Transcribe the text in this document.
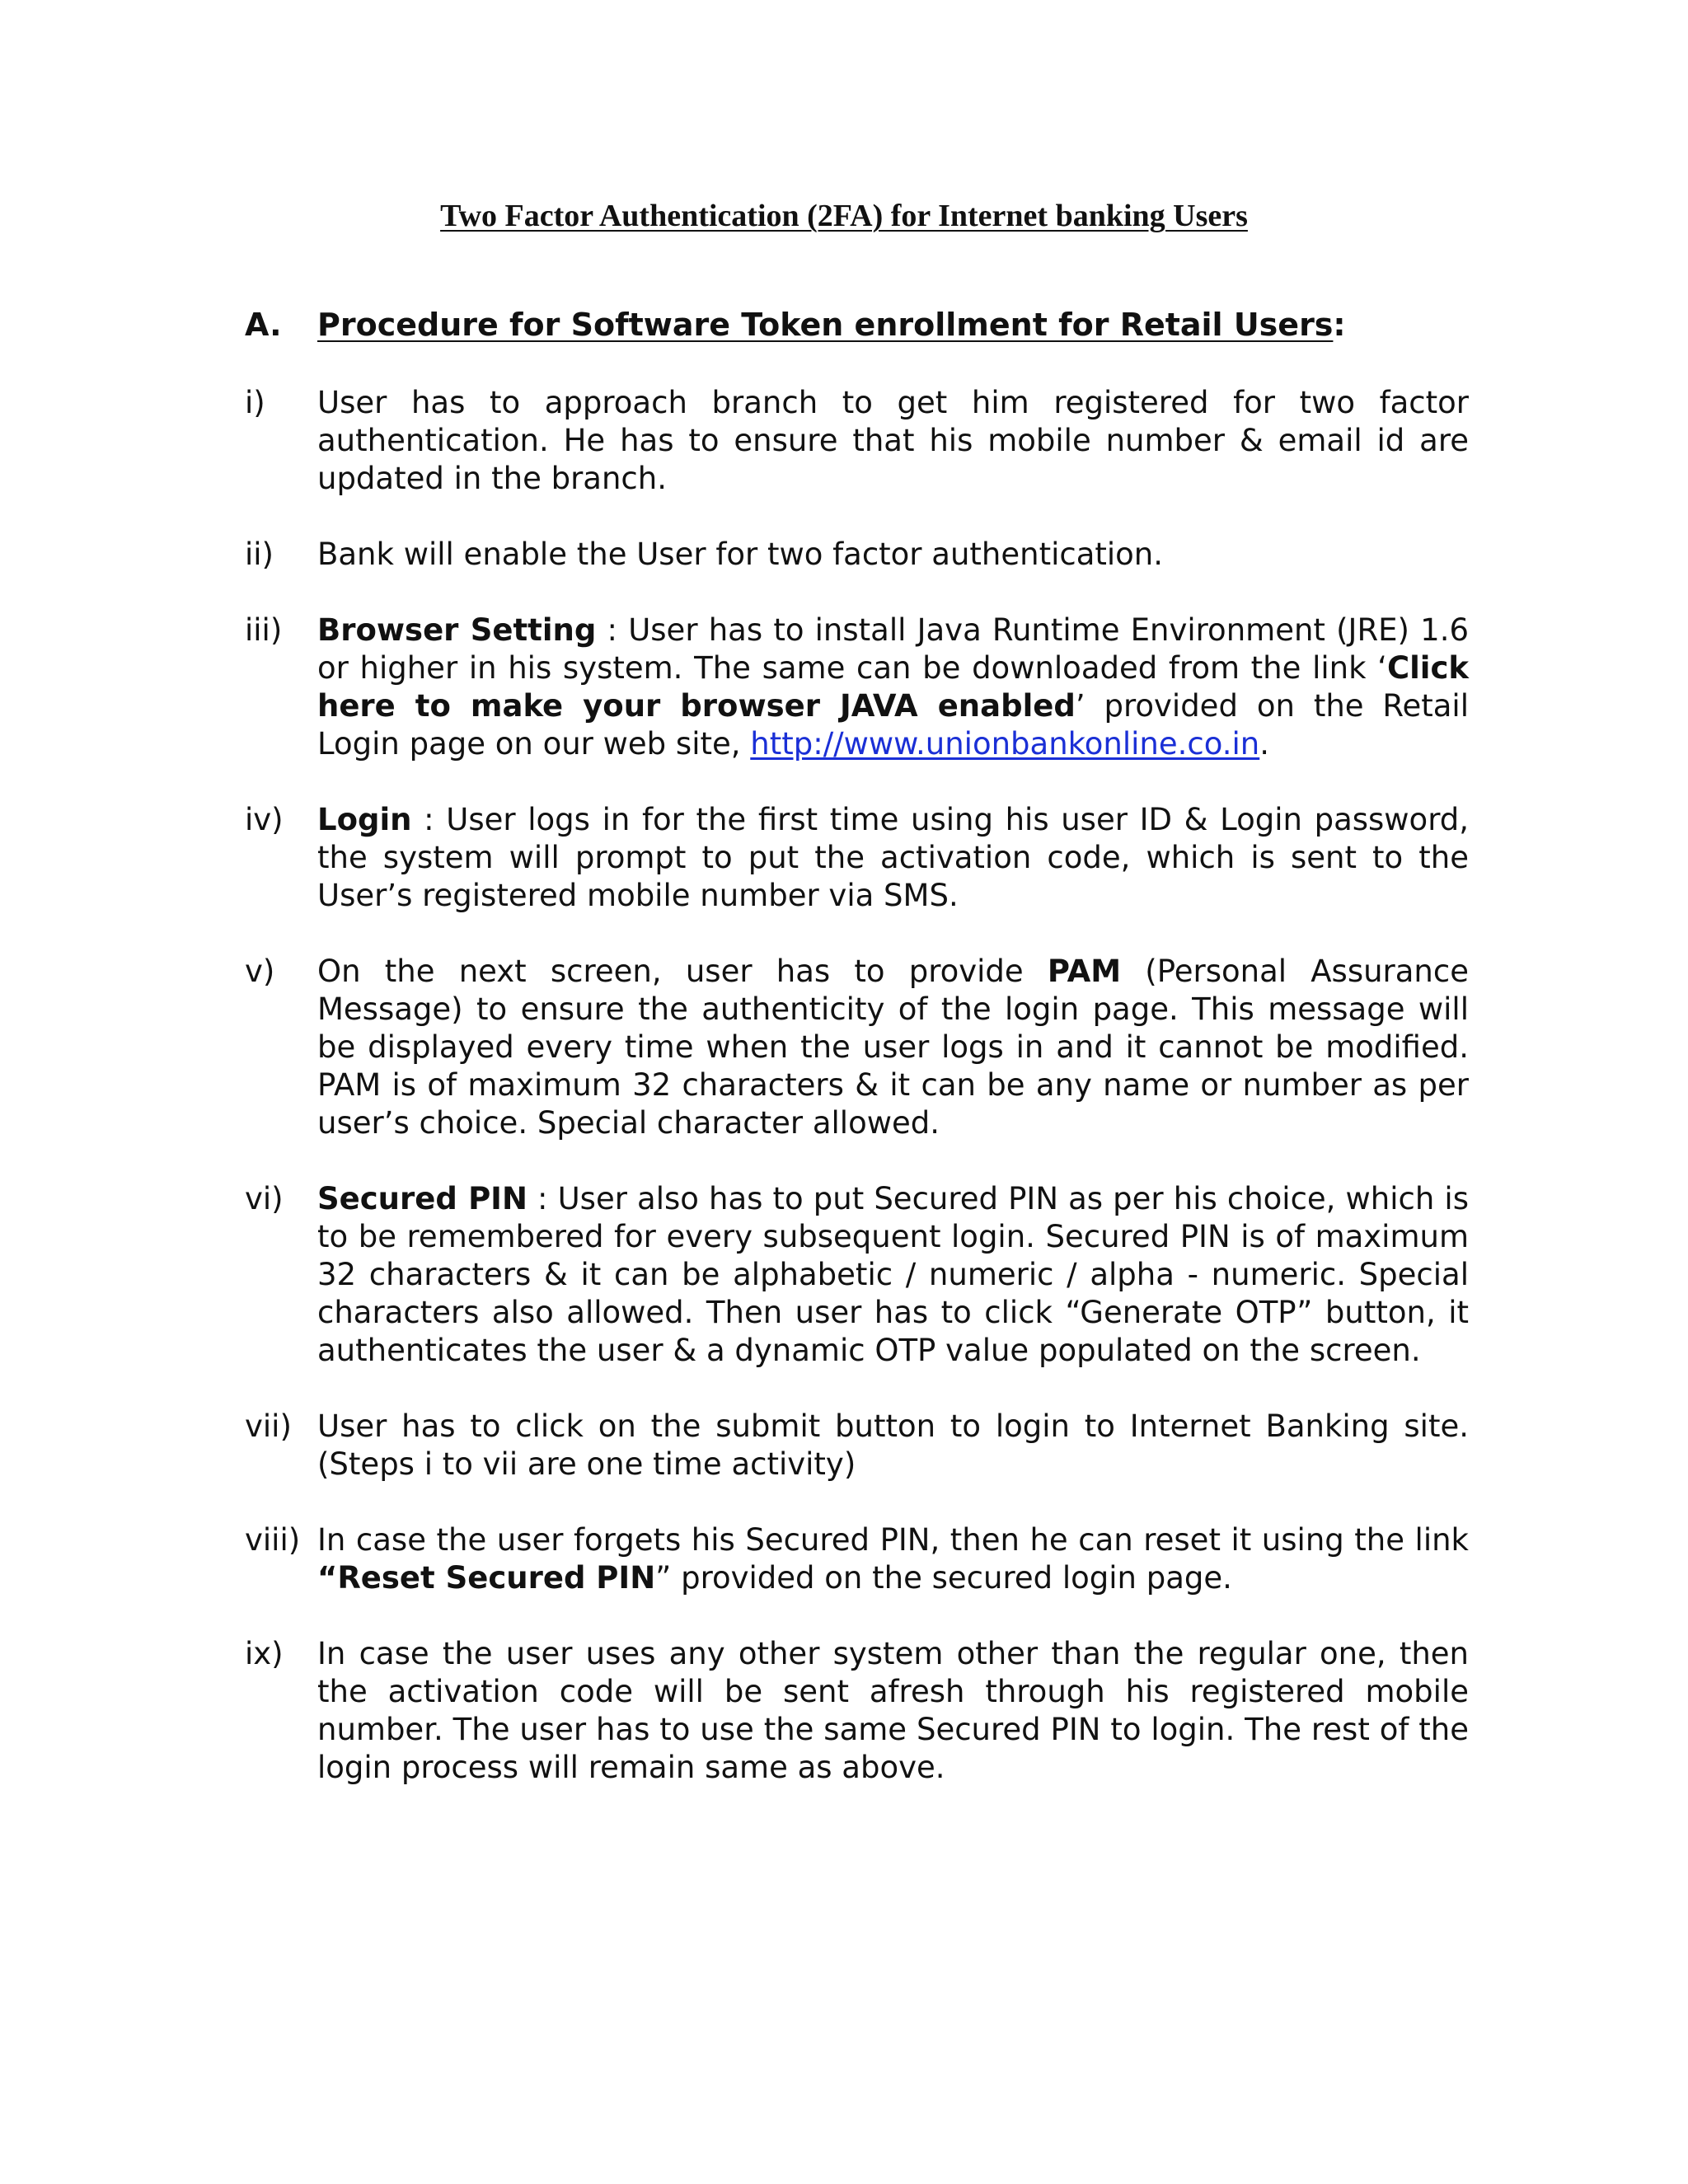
Two Factor Authentication (2FA) for Internet banking Users
A. Procedure for Software Token enrollment for Retail Users:
i)	User has to approach branch to get him registered for two factor authentication. He has to ensure that his mobile number & email id are updated in the branch.
ii)	Bank will enable the User for two factor authentication.
iii)	Browser Setting : User has to install Java Runtime Environment (JRE) 1.6 or higher in his system. The same can be downloaded from the link ‘Click here to make your browser JAVA enabled’ provided on the Retail Login page on our web site, http://www.unionbankonline.co.in.
iv)	Login : User logs in for the first time using his user ID & Login password, the system will prompt to put the activation code, which is sent to the User’s registered mobile number via SMS.
v)	On the next screen, user has to provide PAM (Personal Assurance Message) to ensure the authenticity of the login page. This message will be displayed every time when the user logs in and it cannot be modified. PAM is of maximum 32 characters & it can be any name or number as per user’s choice. Special character allowed.
vi)	Secured PIN : User also has to put Secured PIN as per his choice, which is to be remembered for every subsequent login. Secured PIN is of maximum 32 characters & it can be alphabetic / numeric / alpha - numeric. Special characters also allowed. Then user has to click “Generate OTP” button, it authenticates the user & a dynamic OTP value populated on the screen.
vii) User has to click on the submit button to login to Internet Banking site. (Steps i to vii are one time activity)
viii) In case the user forgets his Secured PIN, then he can reset it using the link “Reset Secured PIN” provided on the secured login page.
ix)	In case the user uses any other system other than the regular one, then the activation code will be sent afresh through his registered mobile number. The user has to use the same Secured PIN to login. The rest of the login process will remain same as above.
